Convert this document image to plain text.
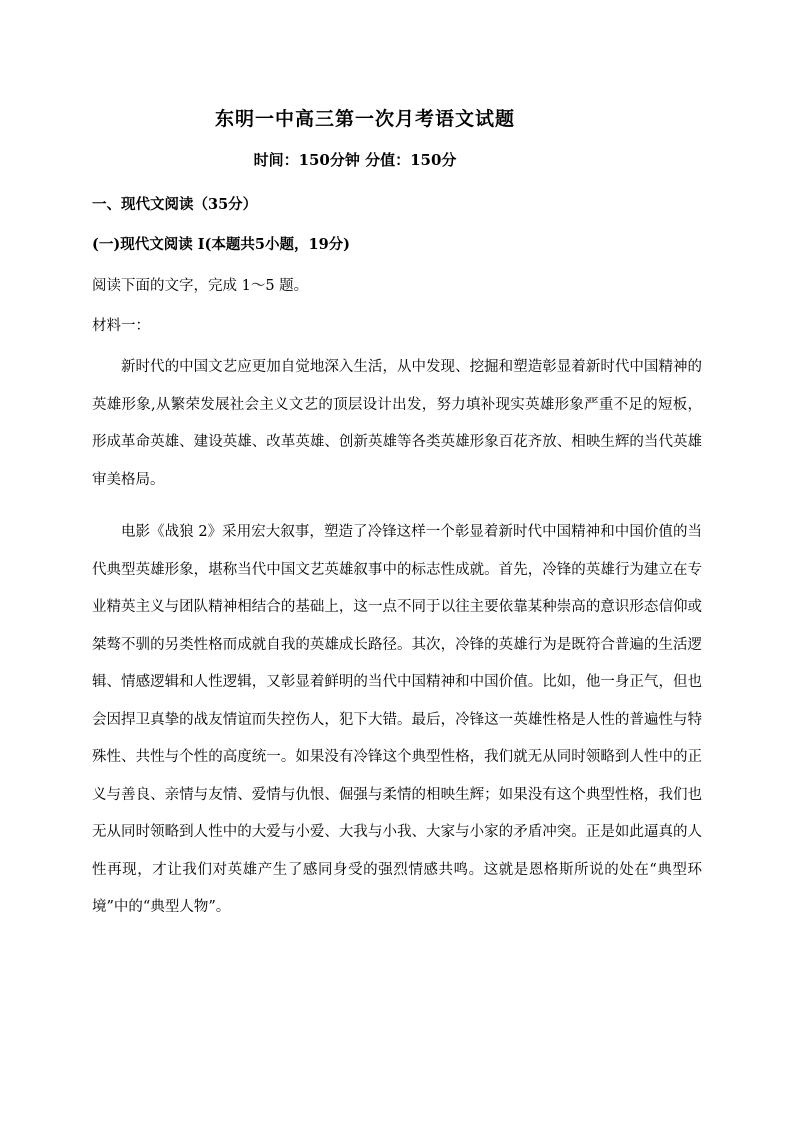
东明一中高三第一次月考语文试题
时间：150分钟 分值：150分
一、现代文阅读（35分）
(一)现代文阅读 I(本题共5小题，19分)
阅读下面的文字，完成 1～5 题。
材料一：

新时代的中国文艺应更加自觉地深入生活，从中发现、挖掘和塑造彰显着新时代中国精神的英雄形象,从繁荣发展社会主义文艺的顶层设计出发，努力填补现实英雄形象严重不足的短板，形成革命英雄、建设英雄、改革英雄、创新英雄等各类英雄形象百花齐放、相映生辉的当代英雄审美格局。

电影《战狼 2》采用宏大叙事，塑造了冷锋这样一个彰显着新时代中国精神和中国价值的当代典型英雄形象，堪称当代中国文艺英雄叙事中的标志性成就。首先，冷锋的英雄行为建立在专业精英主义与团队精神相结合的基础上，这一点不同于以往主要依靠某种崇高的意识形态信仰或桀骜不驯的另类性格而成就自我的英雄成长路径。其次，冷锋的英雄行为是既符合普遍的生活逻辑、情感逻辑和人性逻辑，又彰显着鲜明的当代中国精神和中国价值。比如，他一身正气，但也会因捍卫真挚的战友情谊而失控伤人，犯下大错。最后，冷锋这一英雄性格是人性的普遍性与特殊性、共性与个性的高度统一。如果没有冷锋这个典型性格，我们就无从同时领略到人性中的正义与善良、亲情与友情、爱情与仇恨、倔强与柔情的相映生辉；如果没有这个典型性格，我们也无从同时领略到人性中的大爱与小爱、大我与小我、大家与小家的矛盾冲突。正是如此逼真的人性再现，才让我们对英雄产生了感同身受的强烈情感共鸣。这就是恩格斯所说的处在“典型环境”中的“典型人物”。
